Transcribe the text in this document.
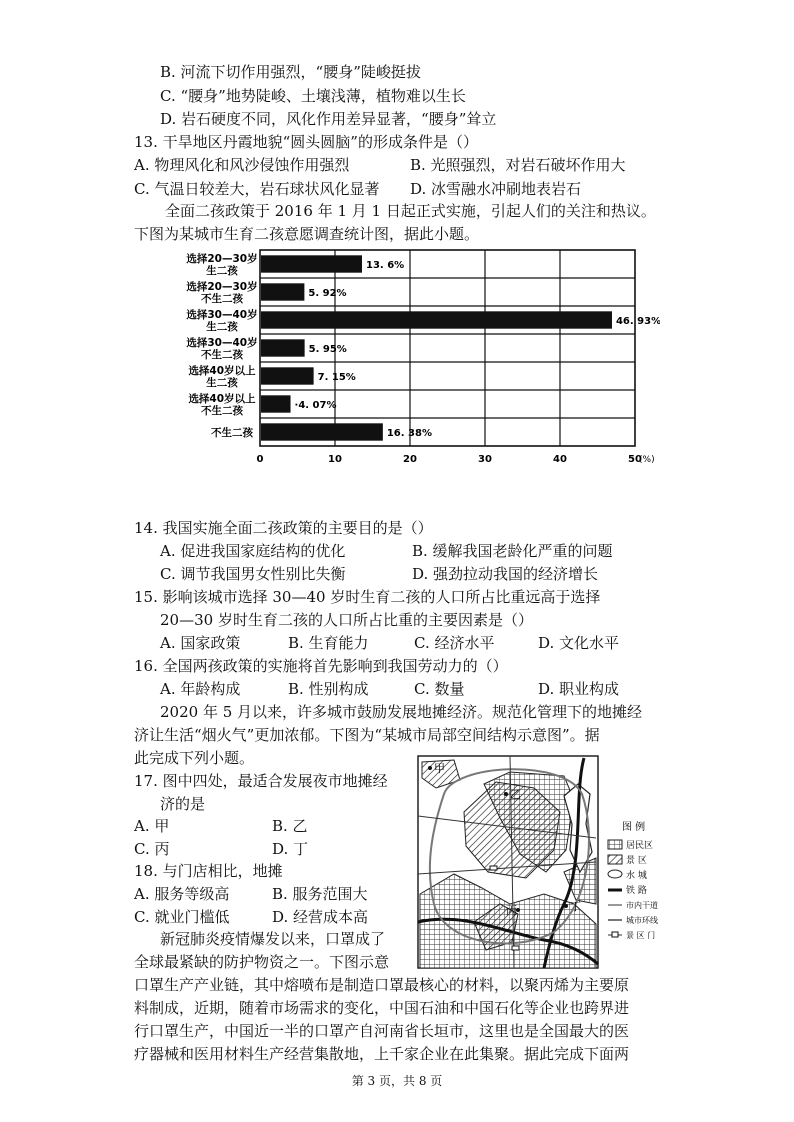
B. 河流下切作用强烈，“腰身”陡峻挺拔
C. “腰身”地势陡峻、土壤浅薄，植物难以生长
D. 岩石硬度不同，风化作用差异显著，“腰身”耸立
13. 干旱地区丹霞地貌“圆头圆脑”的形成条件是（）
A. 物理风化和风沙侵蚀作用强烈	B. 光照强烈，对岩石破坏作用大
C. 气温日较差大，岩石球状风化显著 D. 冰雪融水冲刷地表岩石
全面二孩政策于 2016 年 1 月 1 日起正式实施，引起人们的关注和热议。
下图为某城市生育二孩意愿调查统计图，据此小题。
0	10	20	30	40	50
(%)
13. 6%
选择20—30岁
生二孩
5. 92%
选择20—30岁
不生二孩
46. 93%
选择30—40岁
生二孩
5. 95%
选择30—40岁
不生二孩
7. 15%
选择40岁以上
生二孩
·4. 07%
选择40岁以上
不生二孩
16. 38%
不生二孩
14. 我国实施全面二孩政策的主要目的是（）
A. 促进我国家庭结构的优化	B. 缓解我国老龄化严重的问题
C. 调节我国男女性别比失衡	D. 强劲拉动我国的经济增长
15. 影响该城市选择 30—40 岁时生育二孩的人口所占比重远高于选择
20—30 岁时生育二孩的人口所占比重的主要因素是（）
A. 国家政策	B. 生育能力	C. 经济水平	D. 文化水平
16. 全国两孩政策的实施将首先影响到我国劳动力的（）
A. 年龄构成	B. 性别构成	C. 数量	D. 职业构成
2020 年 5 月以来，许多城市鼓励发展地摊经济。规范化管理下的地摊经
济让生活“烟火气”更加浓郁。下图为“某城市局部空间结构示意图”。据
此完成下列小题。
17. 图中四处，最适合发展夜市地摊经
济的是
A. 甲	B. 乙
C. 丙	D. 丁
18. 与门店相比，地摊
A. 服务等级高	B. 服务范围大
C. 就业门槛低	D. 经营成本高
甲
乙
丙	丁
图 例
居民区
景 区
水 城
铁 路
市内干道
城市环线
景 区 门
新冠肺炎疫情爆发以来，口罩成了
全球最紧缺的防护物资之一。下图示意
口罩生产产业链，其中熔喷布是制造口罩最核心的材料，以聚丙烯为主要原
料制成，近期，随着市场需求的变化，中国石油和中国石化等企业也跨界进
行口罩生产，中国近一半的口罩产自河南省长垣市，这里也是全国最大的医
疗器械和医用材料生产经营集散地，上千家企业在此集聚。据此完成下面两
第 3 页，共 8 页
